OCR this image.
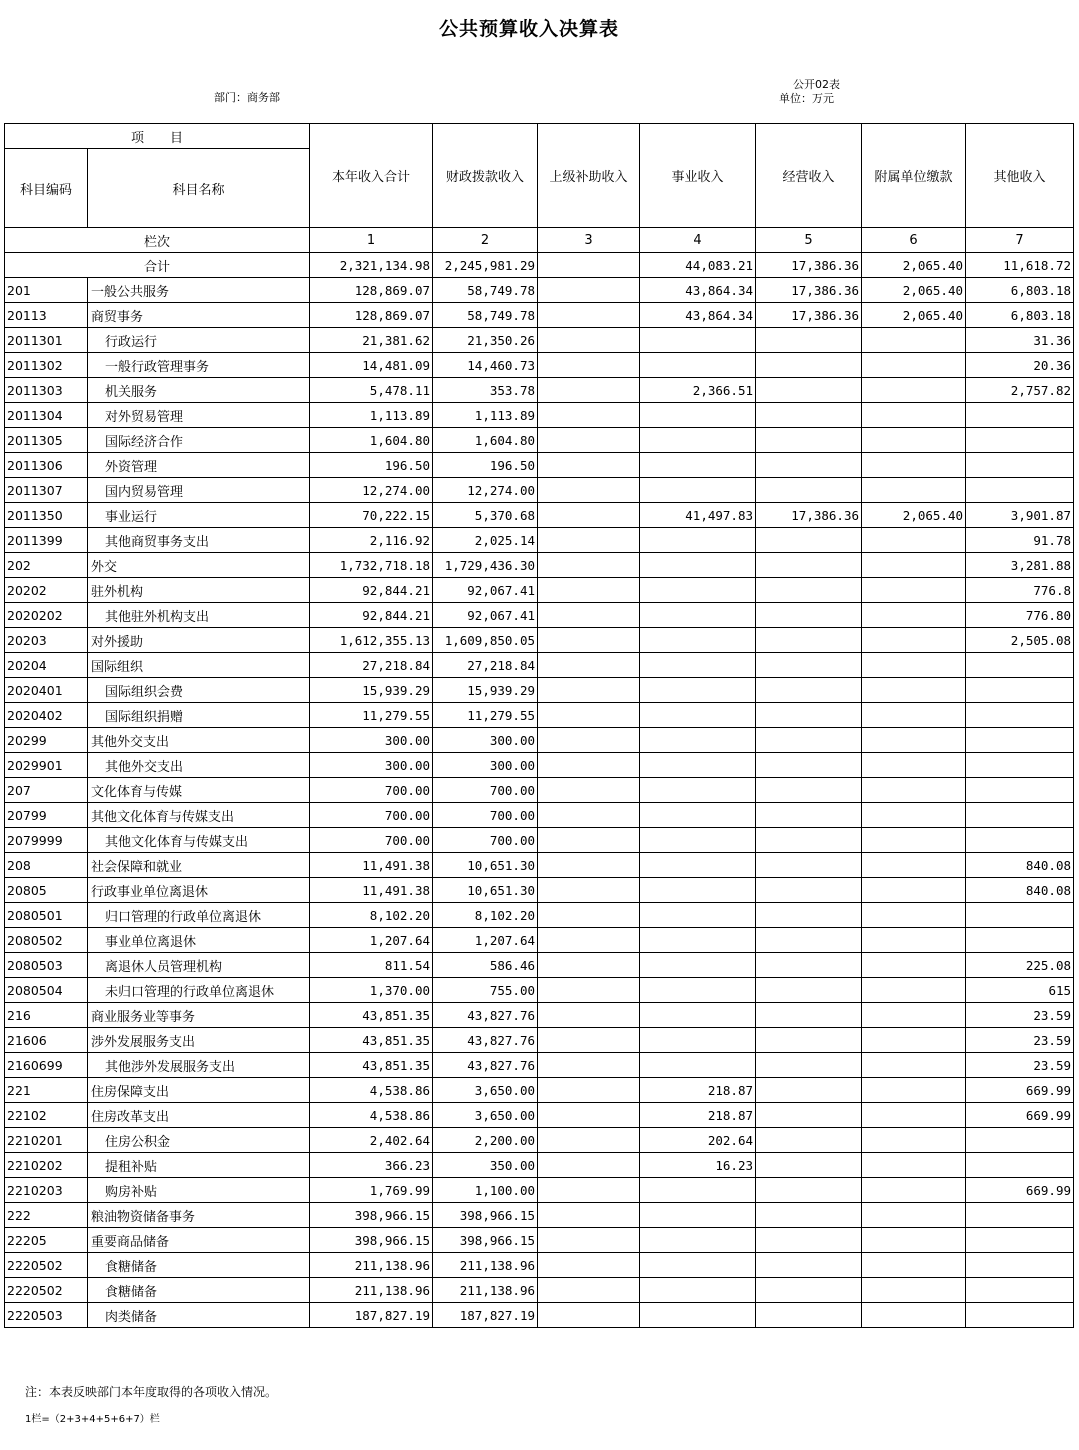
公共预算收入决算表
部门：商务部
公开02表
单位：万元
项　　目		本年收入合计	财政拨款收入	上级补助收入	事业收入	经营收入	附属单位缴款	其他收入
科目编码	科目名称							
栏次		1	2	3	4	5	6	7
合计		2,321,134.98	2,245,981.29		44,083.21	17,386.36	2,065.40	11,618.72
201	一般公共服务	128,869.07	58,749.78		43,864.34	17,386.36	2,065.40	6,803.18
20113	商贸事务	128,869.07	58,749.78		43,864.34	17,386.36	2,065.40	6,803.18
2011301	行政运行	21,381.62	21,350.26					31.36
2011302	一般行政管理事务	14,481.09	14,460.73					20.36
2011303	机关服务	5,478.11	353.78		2,366.51			2,757.82
2011304	对外贸易管理	1,113.89	1,113.89					
2011305	国际经济合作	1,604.80	1,604.80					
2011306	外资管理	196.50	196.50					
2011307	国内贸易管理	12,274.00	12,274.00					
2011350	事业运行	70,222.15	5,370.68		41,497.83	17,386.36	2,065.40	3,901.87
2011399	其他商贸事务支出	2,116.92	2,025.14					91.78
202	外交	1,732,718.18	1,729,436.30					3,281.88
20202	驻外机构	92,844.21	92,067.41					776.8
2020202	其他驻外机构支出	92,844.21	92,067.41					776.80
20203	对外援助	1,612,355.13	1,609,850.05					2,505.08
20204	国际组织	27,218.84	27,218.84					
2020401	国际组织会费	15,939.29	15,939.29					
2020402	国际组织捐赠	11,279.55	11,279.55					
20299	其他外交支出	300.00	300.00					
2029901	其他外交支出	300.00	300.00					
207	文化体育与传媒	700.00	700.00					
20799	其他文化体育与传媒支出	700.00	700.00					
2079999	其他文化体育与传媒支出	700.00	700.00					
208	社会保障和就业	11,491.38	10,651.30					840.08
20805	行政事业单位离退休	11,491.38	10,651.30					840.08
2080501	归口管理的行政单位离退休	8,102.20	8,102.20					
2080502	事业单位离退休	1,207.64	1,207.64					
2080503	离退休人员管理机构	811.54	586.46					225.08
2080504	未归口管理的行政单位离退休	1,370.00	755.00					615
216	商业服务业等事务	43,851.35	43,827.76					23.59
21606	涉外发展服务支出	43,851.35	43,827.76					23.59
2160699	其他涉外发展服务支出	43,851.35	43,827.76					23.59
221	住房保障支出	4,538.86	3,650.00		218.87			669.99
22102	住房改革支出	4,538.86	3,650.00		218.87			669.99
2210201	住房公积金	2,402.64	2,200.00		202.64			
2210202	提租补贴	366.23	350.00		16.23			
2210203	购房补贴	1,769.99	1,100.00					669.99
222	粮油物资储备事务	398,966.15	398,966.15					
22205	重要商品储备	398,966.15	398,966.15					
2220502	食糖储备	211,138.96	211,138.96					
2220502	食糖储备	211,138.96	211,138.96					
2220503	肉类储备	187,827.19	187,827.19					
注：本表反映部门本年度取得的各项收入情况。
1栏=（2+3+4+5+6+7）栏
